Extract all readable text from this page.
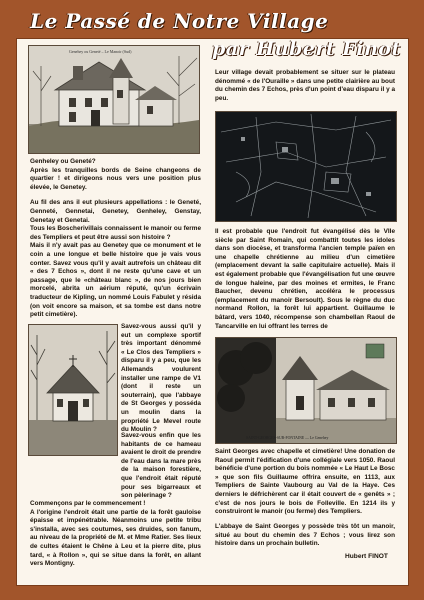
Le Passé de Notre Village
par Hubert Finot
Genehey ou Geneté – Le Manoir (Sud)
SAINT-GEORGES-SUR-FONTAINE — Le Genehey

Leur village devait probablement se situer sur le plateau dénommé « de l'Ouraille » dans une petite clairière au bout du chemin des 7 Echos, près d'un point d'eau disparu il y a peu.

Genheley ou Geneté?

Après les tranquilles bords de Seine changeons de quartier ! et dirigeons nous vers une position plus élevée, le Genetey.

Au fil des ans il eut plusieurs appellations : le Geneté, Genneté, Gennetai, Genetey, Genheley, Genstay, Genetay et Genetai.

Tous les Boscherivillais connaissent le manoir ou ferme des Templiers et peut être aussi son histoire ?

Mais il n'y avait pas au Genetey que ce monument et le coin a une longue et belle histoire que je vais vous conter. Savez vous qu'il y avait autrefois un château dit « des 7 Echos », dont il ne reste qu'une cave et un passage, que le «château blanc », de nos jours bien morcelé, abrita un aérium réputé, qu'un écrivain traducteur de Kipling, un nommé Louis Fabulet y résida (on voit encore sa maison, et sa tombe est dans notre petit cimetière).

Savez-vous aussi qu'il y eut un complexe sportif très important dénommé « Le Clos des Templiers » disparu il y a peu, que les Allemands voulurent installer une rampe de V1 (dont il reste un souterrain), que l'abbaye de St Georges y posséda un moulin dans la propriété Le Mevel route du Moulin ?

Savez-vous enfin que les habitants de ce hameau avaient le droit de prendre de l'eau dans la mare près de la maison forestière, que l'endroit était réputé pour ses bigarreaux et son pèlerinage ?

Commençons par le commencement !

A l'origine l'endroit était une partie de la forêt gauloise épaisse et impénétrable. Néanmoins une petite tribu s'installa, avec ses coutumes, ses druides, son fanum, au niveau de la propriété de M. et Mme Ratier. Ses lieux de cultes étaient le Chêne à Leu et la pierre dite, plus tard, « à Rollon », qui se situe dans la forêt, en allant vers Montigny.

Il est probable que l'endroit fut évangélisé dès le VIIe siècle par Saint Romain, qui combattit toutes les idoles dans son diocèse, et transforma l'ancien temple païen en une chapelle chrétienne au milieu d'un cimetière (emplacement devant la salle capitulaire actuelle). Mais il est également probable que l'évangélisation fut une œuvre de longue haleine, par des moines et ermites, le Franc Baucher, devenu chrétien, accéléra le processus (emplacement du manoir Bersoult). Sous le règne du duc normand Rollon, la forêt lui appartient. Guillaume le bâtard, vers 1040, récompense son chambellan Raoul de Tancarville en lui offrant les terres de

Saint Georges avec chapelle et cimetière! Une donation de Raoul permit l'édification d'une collégiale vers 1050. Raoul bénéficie d'une portion du bois nommée « Le Haut Le Bosc » que son fils Guillaume offrira ensuite, en 1113, aux Templiers de Sainte Vaubourg au Val de la Haye. Ces derniers le défrichèrent car il était couvert de « genêts » ; c'est de nos jours le bois de Folleville. En 1214 ils y construiront le manoir (ou ferme) des Templiers.

L'abbaye de Saint Georges y possède très tôt un manoir, situé au bout du chemin des 7 Echos ; vous lirez son histoire dans un prochain bulletin.

Hubert FINOT
